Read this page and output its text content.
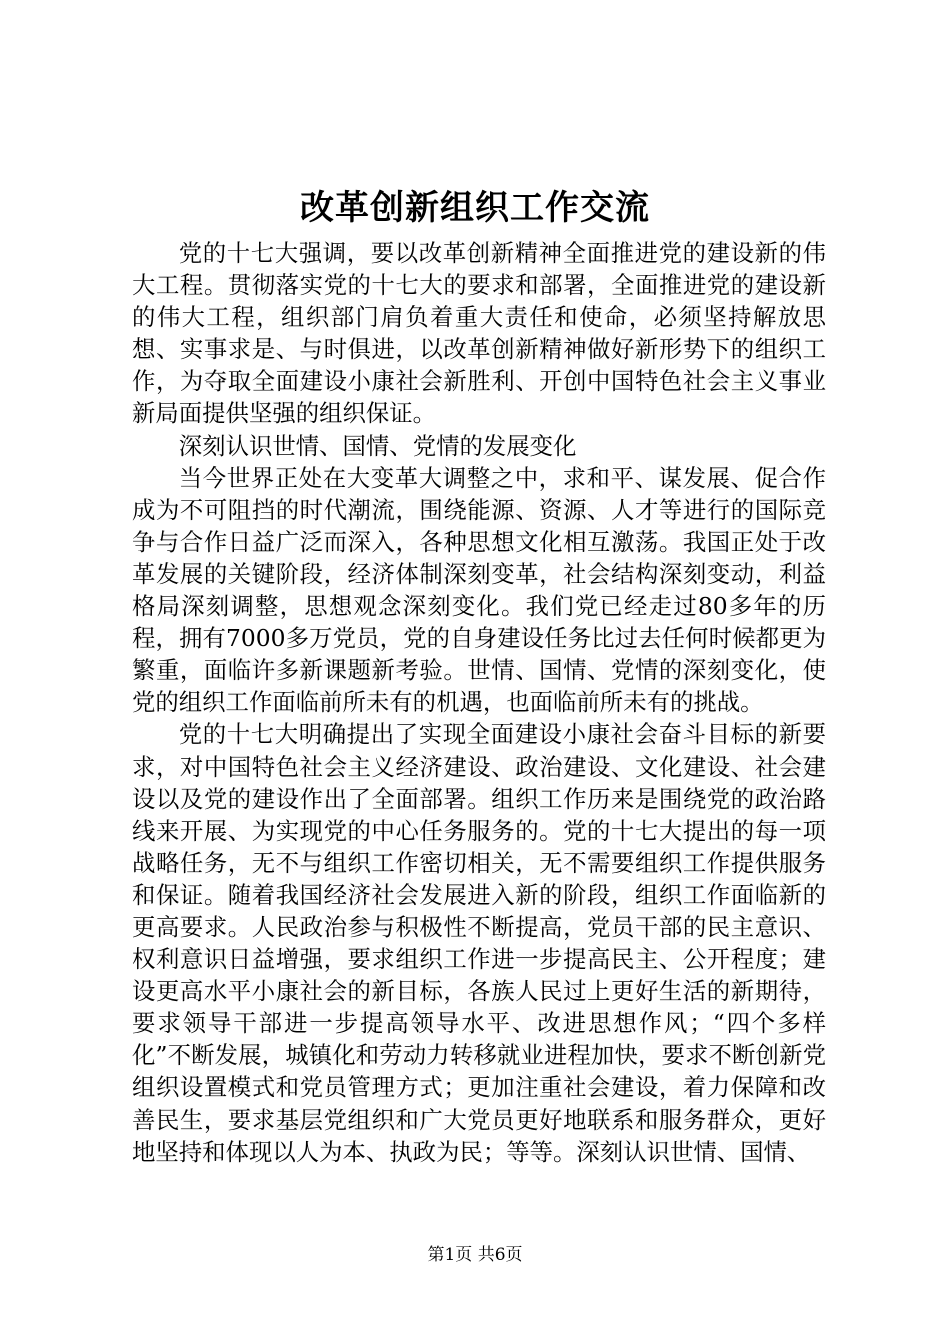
改革创新组织工作交流

党的十七大强调，要以改革创新精神全面推进党的建设新的伟大工程。贯彻落实党的十七大的要求和部署，全面推进党的建设新的伟大工程，组织部门肩负着重大责任和使命，必须坚持解放思想、实事求是、与时俱进，以改革创新精神做好新形势下的组织工作，为夺取全面建设小康社会新胜利、开创中国特色社会主义事业新局面提供坚强的组织保证。

深刻认识世情、国情、党情的发展变化

当今世界正处在大变革大调整之中，求和平、谋发展、促合作成为不可阻挡的时代潮流，围绕能源、资源、人才等进行的国际竞争与合作日益广泛而深入，各种思想文化相互激荡。我国正处于改革发展的关键阶段，经济体制深刻变革，社会结构深刻变动，利益格局深刻调整，思想观念深刻变化。我们党已经走过80多年的历程，拥有7000多万党员，党的自身建设任务比过去任何时候都更为繁重，面临许多新课题新考验。世情、国情、党情的深刻变化，使党的组织工作面临前所未有的机遇，也面临前所未有的挑战。

党的十七大明确提出了实现全面建设小康社会奋斗目标的新要求，对中国特色社会主义经济建设、政治建设、文化建设、社会建设以及党的建设作出了全面部署。组织工作历来是围绕党的政治路线来开展、为实现党的中心任务服务的。党的十七大提出的每一项战略任务，无不与组织工作密切相关，无不需要组织工作提供服务和保证。随着我国经济社会发展进入新的阶段，组织工作面临新的更高要求。人民政治参与积极性不断提高，党员干部的民主意识、权利意识日益增强，要求组织工作进一步提高民主、公开程度；建设更高水平小康社会的新目标，各族人民过上更好生活的新期待，要求领导干部进一步提高领导水平、改进思想作风；“四个多样化”不断发展，城镇化和劳动力转移就业进程加快，要求不断创新党组织设置模式和党员管理方式；更加注重社会建设，着力保障和改善民生，要求基层党组织和广大党员更好地联系和服务群众，更好地坚持和体现以人为本、执政为民；等等。深刻认识世情、国情、

第1页 共6页
